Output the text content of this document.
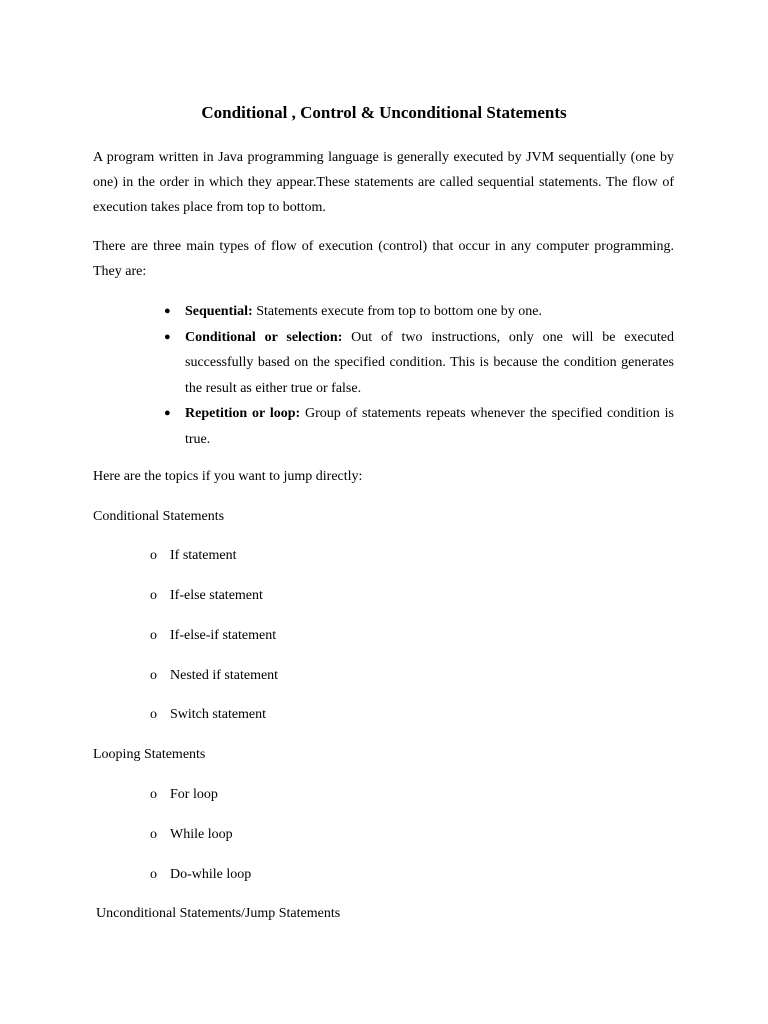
Conditional , Control & Unconditional Statements

A program written in Java programming language is generally executed by JVM sequentially (one by one) in the order in which they appear.These statements are called sequential statements. The flow of execution takes place from top to bottom.

There are three main types of flow of execution (control) that occur in any computer programming. They are:

● Sequential: Statements execute from top to bottom one by one.
● Conditional or selection: Out of two instructions, only one will be executed successfully based on the specified condition. This is because the condition generates the result as either true or false.
● Repetition or loop: Group of statements repeats whenever the specified condition is true.

Here are the topics if you want to jump directly:

Conditional Statements

o If statement

o If-else statement

o If-else-if statement

o Nested if statement

o Switch statement

Looping Statements

o For loop

o While loop

o Do-while loop

Unconditional Statements/Jump Statements
